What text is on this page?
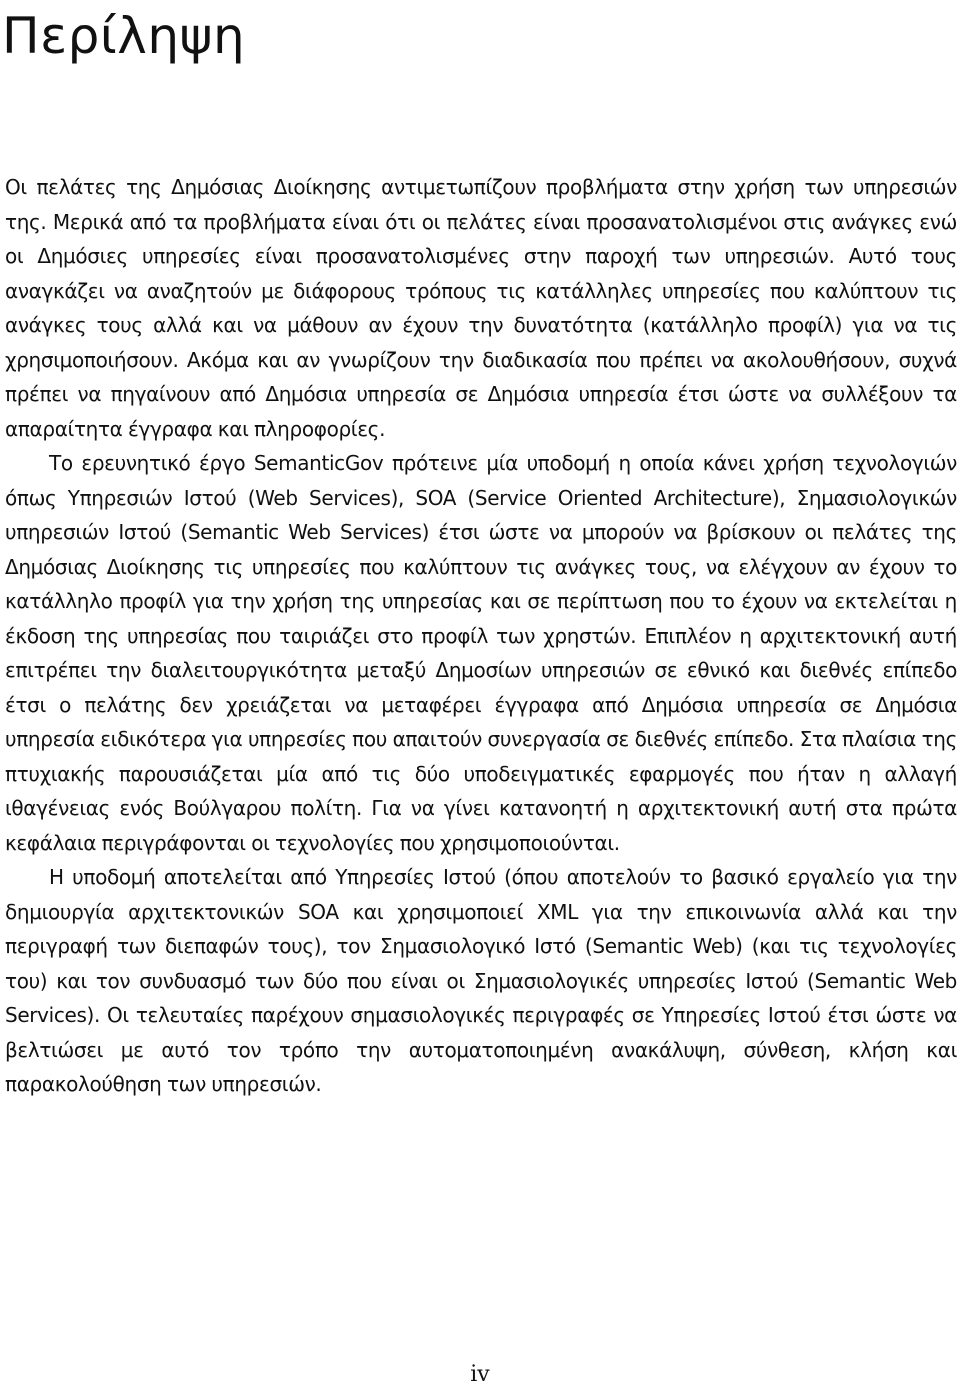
Περίληψη

Οι πελάτες της Δημόσιας Διοίκησης αντιμετωπίζουν προβλήματα στην χρήση των υπηρεσιών της. Μερικά από τα προβλήματα είναι ότι οι πελάτες είναι προσανατολισμένοι στις ανάγκες ενώ οι Δημόσιες υπηρεσίες είναι προσανατολισμένες στην παροχή των υπηρεσιών. Αυτό τους αναγκάζει να αναζητούν με διάφορους τρόπους τις κατάλληλες υπηρεσίες που καλύπτουν τις ανάγκες τους αλλά και να μάθουν αν έχουν την δυνατότητα (κατάλληλο προφίλ) για να τις χρησιμοποιήσουν. Ακόμα και αν γνωρίζουν την διαδικασία που πρέπει να ακολουθήσουν, συχνά πρέπει να πηγαίνουν από Δημόσια υπηρεσία σε Δημόσια υπηρεσία έτσι ώστε να συλλέξουν τα απαραίτητα έγγραφα και πληροφορίες.

Το ερευνητικό έργο SemanticGov πρότεινε μία υποδομή η οποία κάνει χρήση τεχνολογιών όπως Υπηρεσιών Ιστού (Web Services), SOA (Service Oriented Architecture), Σημασιολογικών υπηρεσιών Ιστού (Semantic Web Services) έτσι ώστε να μπορούν να βρίσκουν οι πελάτες της Δημόσιας Διοίκησης τις υπηρεσίες που καλύπτουν τις ανάγκες τους, να ελέγχουν αν έχουν το κατάλληλο προφίλ για την χρήση της υπηρεσίας και σε περίπτωση που το έχουν να εκτελείται η έκδοση της υπηρεσίας που ταιριάζει στο προφίλ των χρηστών. Επιπλέον η αρχιτεκτονική αυτή επιτρέπει την διαλειτουργικότητα μεταξύ Δημοσίων υπηρεσιών σε εθνικό και διεθνές επίπεδο έτσι ο πελάτης δεν χρειάζεται να μεταφέρει έγγραφα από Δημόσια υπηρεσία σε Δημόσια υπηρεσία ειδικότερα για υπηρεσίες που απαιτούν συνεργασία σε διεθνές επίπεδο. Στα πλαίσια της πτυχιακής παρουσιάζεται μία από τις δύο υποδειγματικές εφαρμογές που ήταν η αλλαγή ιθαγένειας ενός Βούλγαρου πολίτη. Για να γίνει κατανοητή η αρχιτεκτονική αυτή στα πρώτα κεφάλαια περιγράφονται οι τεχνολογίες που χρησιμοποιούνται.

Η υποδομή αποτελείται από Υπηρεσίες Ιστού (όπου αποτελούν το βασικό εργαλείο για την δημιουργία αρχιτεκτονικών SOA και χρησιμοποιεί XML για την επικοινωνία αλλά και την περιγραφή των διεπαφών τους), τον Σημασιολογικό Ιστό (Semantic Web) (και τις τεχνολογίες του) και τον συνδυασμό των δύο που είναι οι Σημασιολογικές υπηρεσίες Ιστού (Semantic Web Services). Οι τελευταίες παρέχουν σημασιολογικές περιγραφές σε Υπηρεσίες Ιστού έτσι ώστε να βελτιώσει με αυτό τον τρόπο την αυτοματοποιημένη ανακάλυψη, σύνθεση, κλήση και παρακολούθηση των υπηρεσιών.

iv
